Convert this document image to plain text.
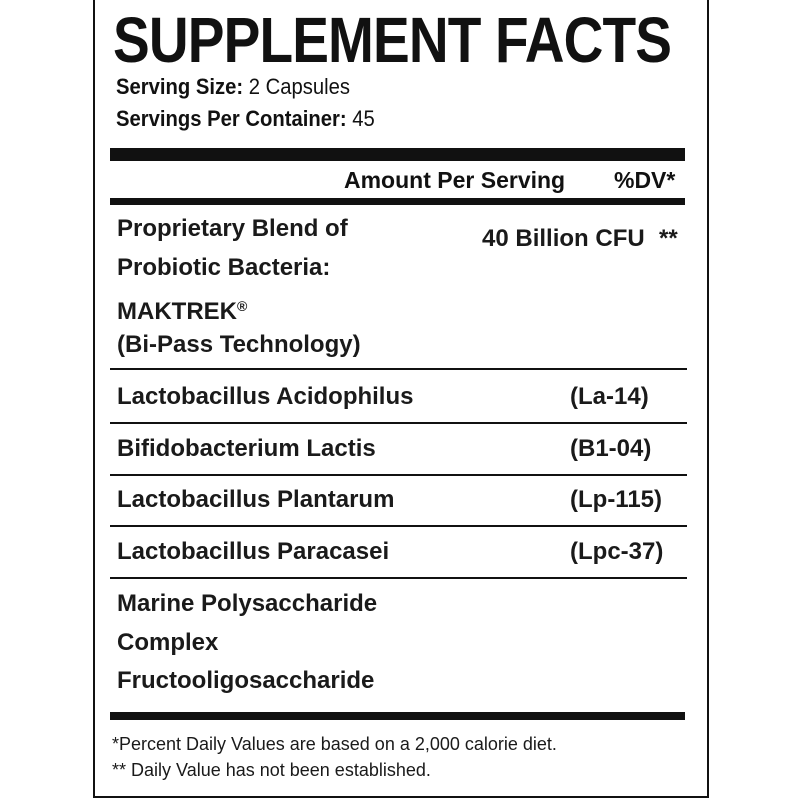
SUPPLEMENT FACTS
Serving Size: 2 Capsules
Servings Per Container: 45
Amount Per Serving %DV*
Proprietary Blend of
Probiotic Bacteria:
MAKTREK®
(Bi-Pass Technology)
40 Billion CFU **
Lactobacillus Acidophilus	(La-14)
Bifidobacterium Lactis	(B1-04)
Lactobacillus Plantarum	(Lp-115)
Lactobacillus Paracasei	(Lpc-37)
Marine Polysaccharide
Complex
Fructooligosaccharide
*Percent Daily Values are based on a 2,000 calorie diet.
** Daily Value has not been established.
